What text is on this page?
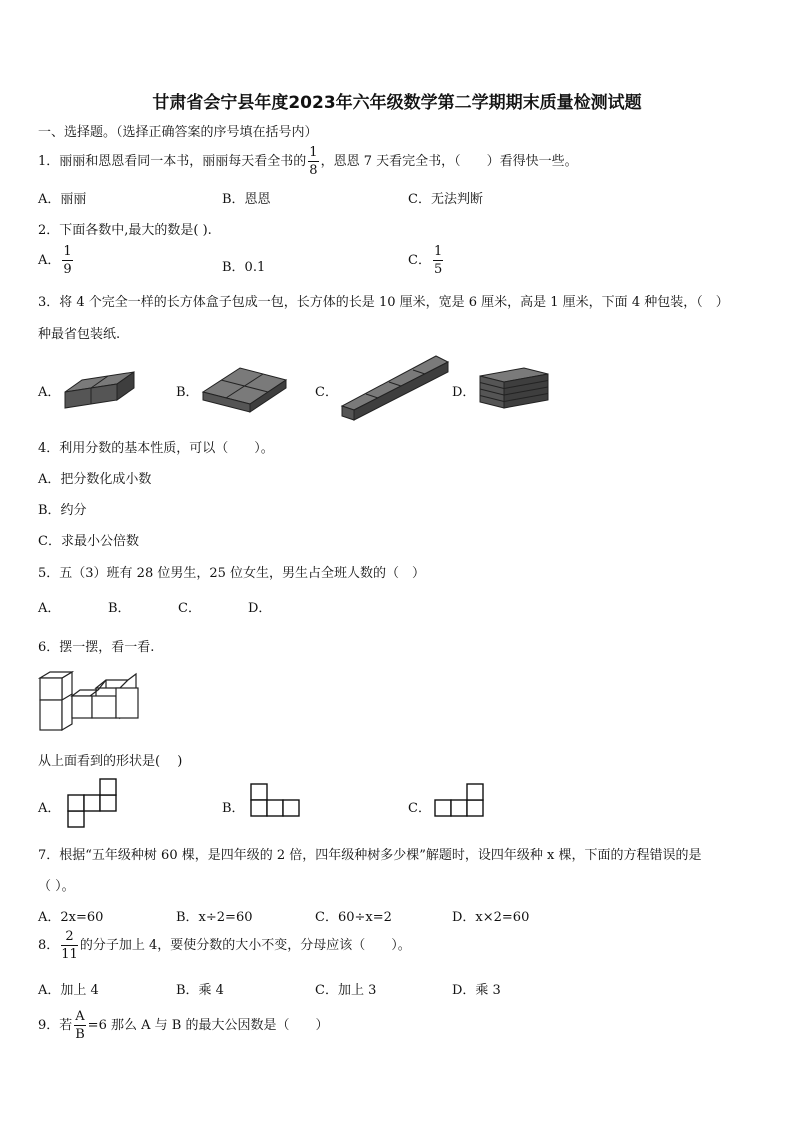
甘肃省会宁县年度2023年六年级数学第二学期期末质量检测试题
一、选择题。（选择正确答案的序号填在括号内）
1．丽丽和恩恩看同一本书，丽丽每天看全书的 $\frac{1}{8}$ ，恩恩 7 天看完全书，（　　）看得快一些。
A．丽丽	B．恩恩	C．无法判断
2．下面各数中,最大的数是( ).
A． $\frac{1}{9}$	B．0.1	C． $\frac{1}{5}$
3．将 4 个完全一样的长方体盒子包成一包，长方体的长是 10 厘米，宽是 6 厘米，高是 1 厘米，下面 4 种包装，（　）
种最省包装纸.
A．	B．	C．	D．
4．利用分数的基本性质，可以（　　）。
A．把分数化成小数
B．约分
C．求最小公倍数
5．五（3）班有 28 位男生，25 位女生，男生占全班人数的（　）
A．	B．	C．	D．
6．摆一摆，看一看.
从上面看到的形状是(　 )
A．	B．	C．
7．根据“五年级种树 60 棵，是四年级的 2 倍，四年级种树多少棵”解题时，设四年级种 x 棵，下面的方程错误的是
（ ）。
A．2x=60	B．x÷2=60	C．60÷x=2	D．x×2=60
8． $\frac{2}{11}$ 的分子加上 4，要使分数的大小不变，分母应该（　　）。
A．加上 4	B．乘 4	C．加上 3	D．乘 3
9．若 $\frac{A}{B} =6$ 那么 A 与 B 的最大公因数是（　　）
